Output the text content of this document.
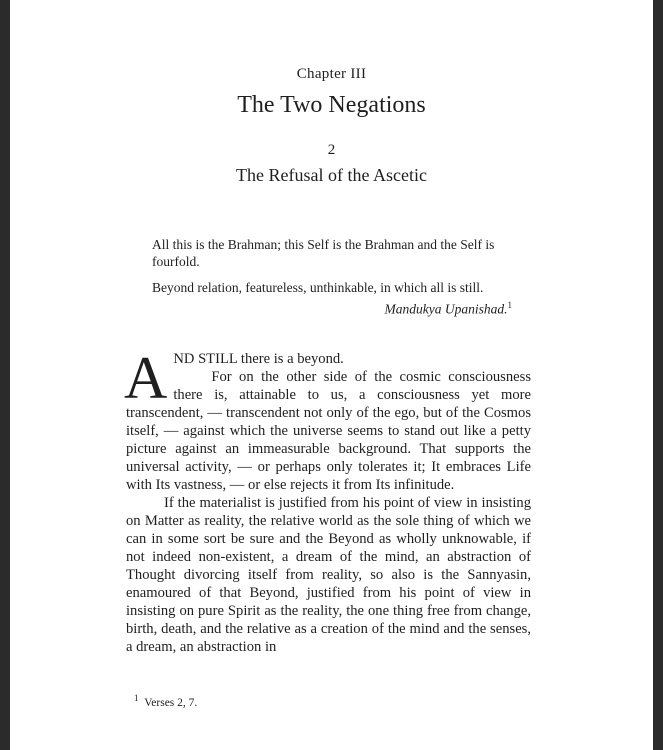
Chapter III
The Two Negations
2
The Refusal of the Ascetic

All this is the Brahman; this Self is the Brahman and the Self is fourfold.

Beyond relation, featureless, unthinkable, in which all is still.

Mandukya Upanishad.$^1$
A ND STILL there is a beyond.

For on the other side of the cosmic consciousness there is, attainable to us, a consciousness yet more transcendent, — transcendent not only of the ego, but of the Cosmos itself, — against which the universe seems to stand out like a petty picture against an immeasurable background. That supports the universal activity, — or perhaps only tolerates it; It embraces Life with Its vastness, — or else rejects it from Its infinitude.

If the materialist is justified from his point of view in insisting on Matter as reality, the relative world as the sole thing of which we can in some sort be sure and the Beyond as wholly unknowable, if not indeed non-existent, a dream of the mind, an abstraction of Thought divorcing itself from reality, so also is the Sannyasin, enamoured of that Beyond, justified from his point of view in insisting on pure Spirit as the reality, the one thing free from change, birth, death, and the relative as a creation of the mind and the senses, a dream, an abstraction in

$^1$ Verses 2, 7.
